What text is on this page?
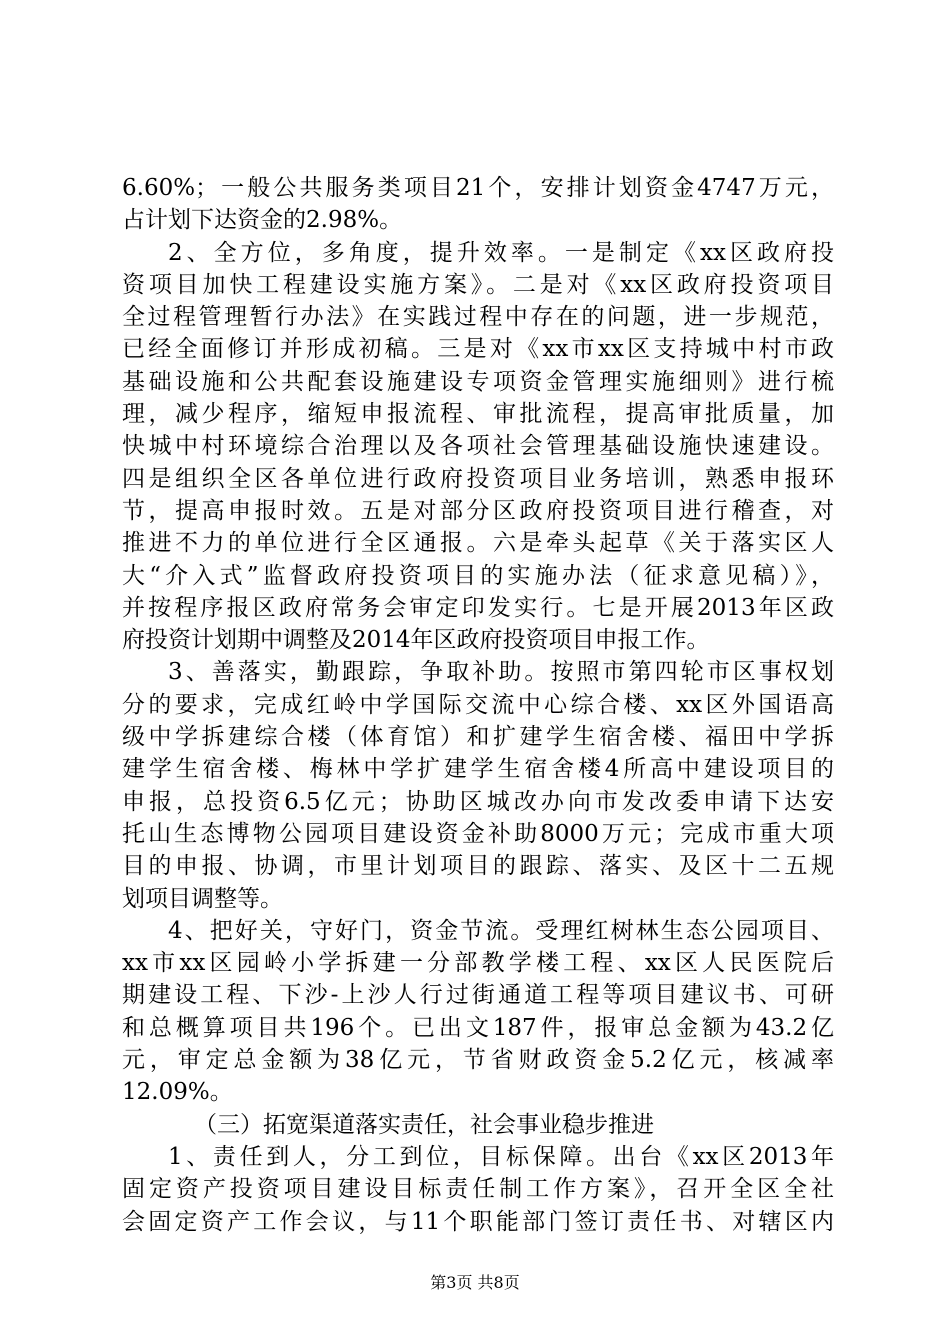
6.60%；一般公共服务类项目21个，安排计划资金4747万元，
占计划下达资金的2.98%。
2、全方位，多角度，提升效率。一是制定《xx区政府投
资项目加快工程建设实施方案》。二是对《xx区政府投资项目
全过程管理暂行办法》在实践过程中存在的问题，进一步规范，
已经全面修订并形成初稿。三是对《xx市xx区支持城中村市政
基础设施和公共配套设施建设专项资金管理实施细则》进行梳
理，减少程序，缩短申报流程、审批流程，提高审批质量，加
快城中村环境综合治理以及各项社会管理基础设施快速建设。
四是组织全区各单位进行政府投资项目业务培训，熟悉申报环
节，提高申报时效。五是对部分区政府投资项目进行稽查，对
推进不力的单位进行全区通报。六是牵头起草《关于落实区人
大“介入式”监督政府投资项目的实施办法（征求意见稿）》，
并按程序报区政府常务会审定印发实行。七是开展2013年区政
府投资计划期中调整及2014年区政府投资项目申报工作。
3、善落实，勤跟踪，争取补助。按照市第四轮市区事权划
分的要求，完成红岭中学国际交流中心综合楼、xx区外国语高
级中学拆建综合楼（体育馆）和扩建学生宿舍楼、福田中学拆
建学生宿舍楼、梅林中学扩建学生宿舍楼4所高中建设项目的
申报，总投资6.5亿元；协助区城改办向市发改委申请下达安
托山生态博物公园项目建设资金补助8000万元；完成市重大项
目的申报、协调，市里计划项目的跟踪、落实、及区十二五规
划项目调整等。
4、把好关，守好门，资金节流。受理红树林生态公园项目、
xx市xx区园岭小学拆建一分部教学楼工程、xx区人民医院后
期建设工程、下沙-上沙人行过街通道工程等项目建议书、可研
和总概算项目共196个。已出文187件，报审总金额为43.2亿
元，审定总金额为38亿元，节省财政资金5.2亿元，核减率
12.09%。
（三）拓宽渠道落实责任，社会事业稳步推进
1、责任到人，分工到位，目标保障。出台《xx区2013年
固定资产投资项目建设目标责任制工作方案》，召开全区全社
会固定资产工作会议，与11个职能部门签订责任书、对辖区内
第3页 共8页
